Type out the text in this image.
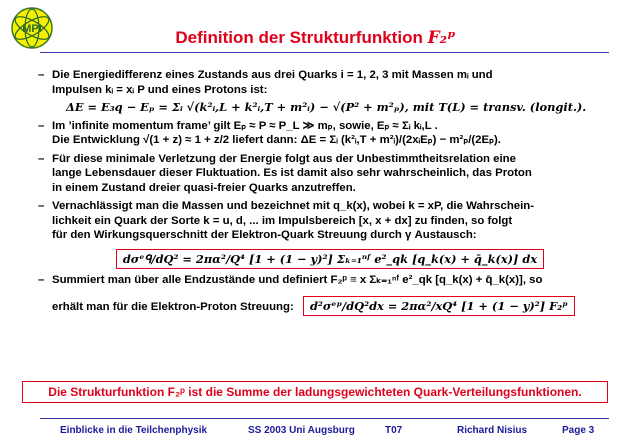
MPI	Definition der Strukturfunktion F₂ᵖ
– Die Energiedifferenz eines Zustands aus drei Quarks i = 1, 2, 3 mit Massen mᵢ und
Impulsen kᵢ = xᵢ P und eines Protons ist:
ΔE = E₃q − Eₚ = Σᵢ √(k²ᵢ,L + k²ᵢ,T + m²ᵢ) − √(P² + m²ₚ), mit T(L) = transv. (longit.).
– Im ’infinite momentum frame’ gilt Eₚ ≈ P ≈ P_L ≫ mₚ, sowie, Eₚ ≈ Σᵢ kᵢ,L .
Die Entwicklung √(1 + z) ≈ 1 + z/2 liefert dann: ΔE = Σᵢ (k²ᵢ,T + m²ᵢ)/(2xᵢEₚ) − m²ₚ/(2Eₚ).
– Für diese minimale Verletzung der Energie folgt aus der Unbestimmtheitsrelation eine
lange Lebensdauer dieser Fluktuation. Es ist damit also sehr wahrscheinlich, das Proton
in einem Zustand dreier quasi-freier Quarks anzutreffen.
– Vernachlässigt man die Massen und bezeichnet mit q_k(x), wobei k = xP, die Wahrschein-
lichkeit ein Quark der Sorte k = u, d, ... im Impulsbereich [x, x + dx] zu finden, so folgt
für den Wirkungsquerschnitt der Elektron-Quark Streuung durch γ Austausch:
dσᵉᑫ/dQ² = 2πα²/Q⁴ [1 + (1 − y)²] Σₖ₌₁ⁿᶠ e²_qk [q_k(x) + q̄_k(x)] dx
– Summiert man über alle Endzustände und definiert F₂ᵖ ≡ x Σₖ₌₁ⁿᶠ e²_qk [q_k(x) + q̄_k(x)], so
erhält man für die Elektron-Proton Streuung: d²σᵉᵖ/dQ²dx = 2πα²/xQ⁴ [1 + (1 − y)²] F₂ᵖ
Die Strukturfunktion F₂ᵖ ist die Summe der ladungsgewichteten Quark-Verteilungsfunktionen.
Einblicke in die Teilchenphysik	SS 2003 Uni Augsburg	T07	Richard Nisius	Page 3
